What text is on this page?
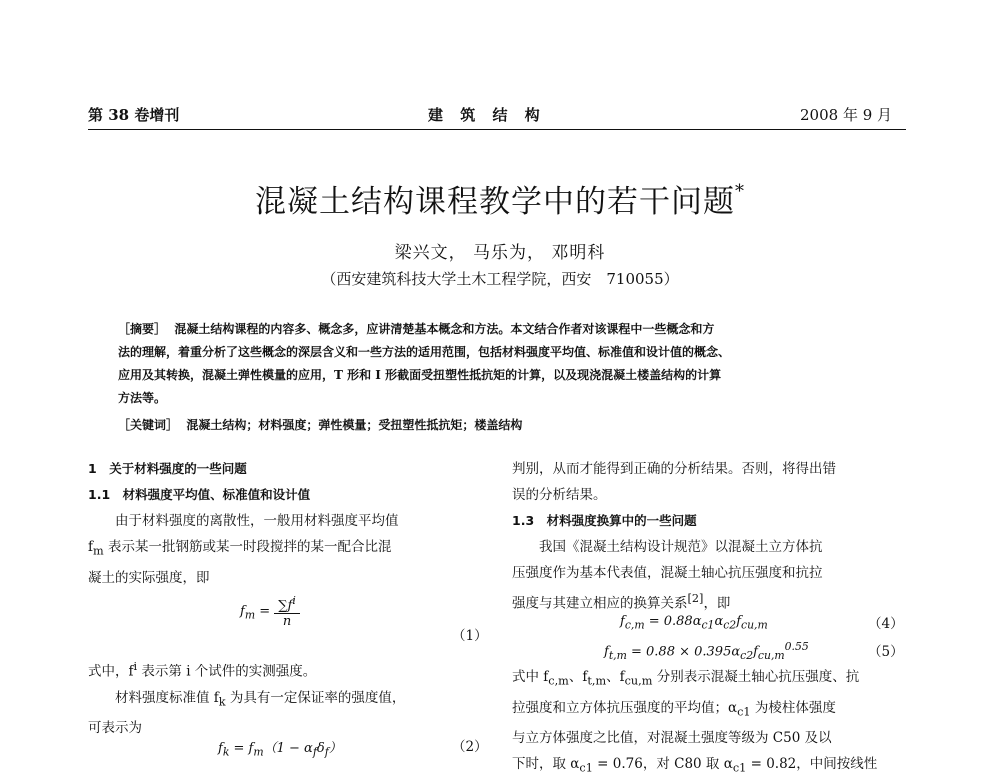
第 38 卷增刊	建 筑 结 构	2008 年 9 月
混凝土结构课程教学中的若干问题*
梁兴文， 马乐为， 邓明科
（西安建筑科技大学土木工程学院，西安　710055）

［摘要］ 混凝土结构课程的内容多、概念多，应讲清楚基本概念和方法。本文结合作者对该课程中一些概念和方

法的理解，着重分析了这些概念的深层含义和一些方法的适用范围，包括材料强度平均值、标准值和设计值的概念、

应用及其转换，混凝土弹性模量的应用，T 形和 I 形截面受扭塑性抵抗矩的计算，以及现浇混凝土楼盖结构的计算

方法等。

［关键词］ 混凝土结构；材料强度；弹性模量；受扭塑性抵抗矩；楼盖结构

1　关于材料强度的一些问题

1.1　材料强度平均值、标准值和设计值

由于材料强度的离散性，一般用材料强度平均值

$f_m$ 表示某一批钢筋或某一时段搅拌的某一配合比混

凝土的实际强度，即

$f_m = \frac{\sum f^i}{n}$
（1）

式中，$f^i$ 表示第 i 个试件的实测强度。

材料强度标准值 $f_k$ 为具有一定保证率的强度值，

可表示为

$f_k = f_m(1 - \alpha_f\delta_f)$	（2）

判别，从而才能得到正确的分析结果。否则，将得出错

误的分析结果。

1.3　材料强度换算中的一些问题

我国《混凝土结构设计规范》以混凝土立方体抗

压强度作为基本代表值，混凝土轴心抗压强度和抗拉

强度与其建立相应的换算关系[2]，即

$f_{c,m} = 0.88\alpha_{c1}\alpha_{c2}f_{cu,m}$	（4）
$f_{t,m} = 0.88 \times 0.395\alpha_{c2}f_{cu,m}^{0.55}$	（5）

式中 $f_{c,m}$、$f_{t,m}$、$f_{cu,m}$ 分别表示混凝土轴心抗压强度、抗

拉强度和立方体抗压强度的平均值；$\alpha_{c1}$ 为棱柱体强度

与立方体强度之比值，对混凝土强度等级为 C50 及以

下时，取 $\alpha_{c1} = 0.76$，对 C80 取 $\alpha_{c1} = 0.82$，中间按线性
